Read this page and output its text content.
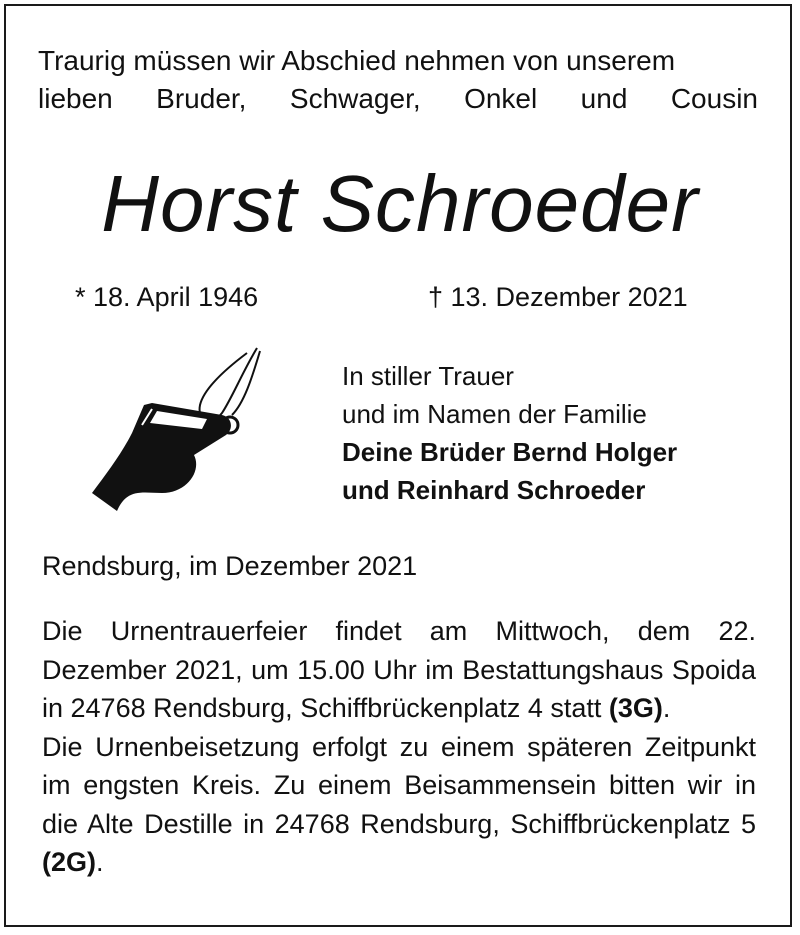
Traurig müssen wir Abschied nehmen von unserem
lieben Bruder, Schwager, Onkel und Cousin
Horst Schroeder
* 18. April 1946	† 13. Dezember 2021
In stiller Trauer
und im Namen der Familie
Deine Brüder Bernd Holger
und Reinhard Schroeder
Rendsburg, im Dezember 2021

Die Urnentrauerfeier findet am Mittwoch, dem 22. Dezember 2021, um 15.00 Uhr im Bestattungshaus Spoida in 24768 Rendsburg, Schiffbrückenplatz 4 statt (3G).

Die Urnenbeisetzung erfolgt zu einem späteren Zeitpunkt im engsten Kreis. Zu einem Beisammensein bitten wir in die Alte Destille in 24768 Rendsburg, Schiffbrückenplatz 5 (2G).
